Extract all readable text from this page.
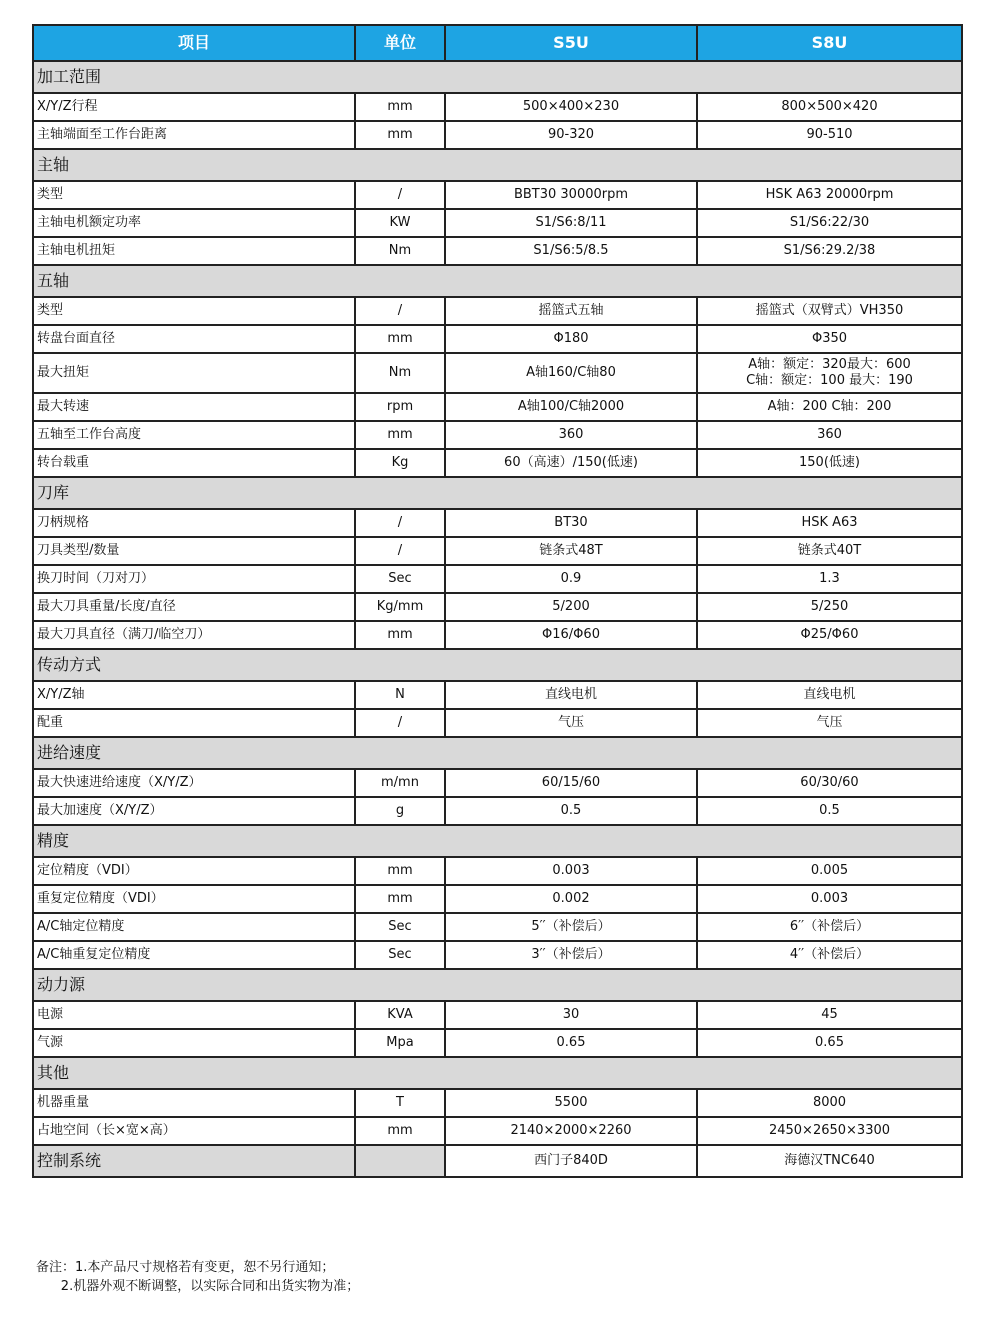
项目	单位	S5U	S8U
加工范围			
X/Y/Z行程	mm	500×400×230	800×500×420
主轴端面至工作台距离	mm	90-320	90-510
主轴			
类型	/	BBT30 30000rpm	HSK A63 20000rpm
主轴电机额定功率	KW	S1/S6:8/11	S1/S6:22/30
主轴电机扭矩	Nm	S1/S6:5/8.5	S1/S6:29.2/38
五轴			
类型	/	摇篮式五轴	摇篮式（双臂式）VH350
转盘台面直径	mm	Φ180	Φ350
最大扭矩	Nm	A轴160/C轴80	A轴：额定：320最大：600
C轴：额定：100 最大：190
最大转速	rpm	A轴100/C轴2000	A轴：200 C轴：200
五轴至工作台高度	mm	360	360
转台载重	Kg	60（高速）/150(低速)	150(低速)
刀库			
刀柄规格	/	BT30	HSK A63
刀具类型/数量	/	链条式48T	链条式40T
换刀时间（刀对刀）	Sec	0.9	1.3
最大刀具重量/长度/直径	Kg/mm	5/200	5/250
最大刀具直径（满刀/临空刀）	mm	Φ16/Φ60	Φ25/Φ60
传动方式			
X/Y/Z轴	N	直线电机	直线电机
配重	/	气压	气压
进给速度			
最大快速进给速度（X/Y/Z）	m/mn	60/15/60	60/30/60
最大加速度（X/Y/Z）	g	0.5	0.5
精度			
定位精度（VDI）	mm	0.003	0.005
重复定位精度（VDI）	mm	0.002	0.003
A/C轴定位精度	Sec	5′′（补偿后）	6′′（补偿后）
A/C轴重复定位精度	Sec	3′′（补偿后）	4′′（补偿后）
动力源			
电源	KVA	30	45
气源	Mpa	0.65	0.65
其他			
机器重量	T	5500	8000
占地空间（长×宽×高）	mm	2140×2000×2260	2450×2650×3300
控制系统		西门子840D	海德汉TNC640
备注：1.本产品尺寸规格若有变更，恕不另行通知；
2.机器外观不断调整，以实际合同和出货实物为准；
